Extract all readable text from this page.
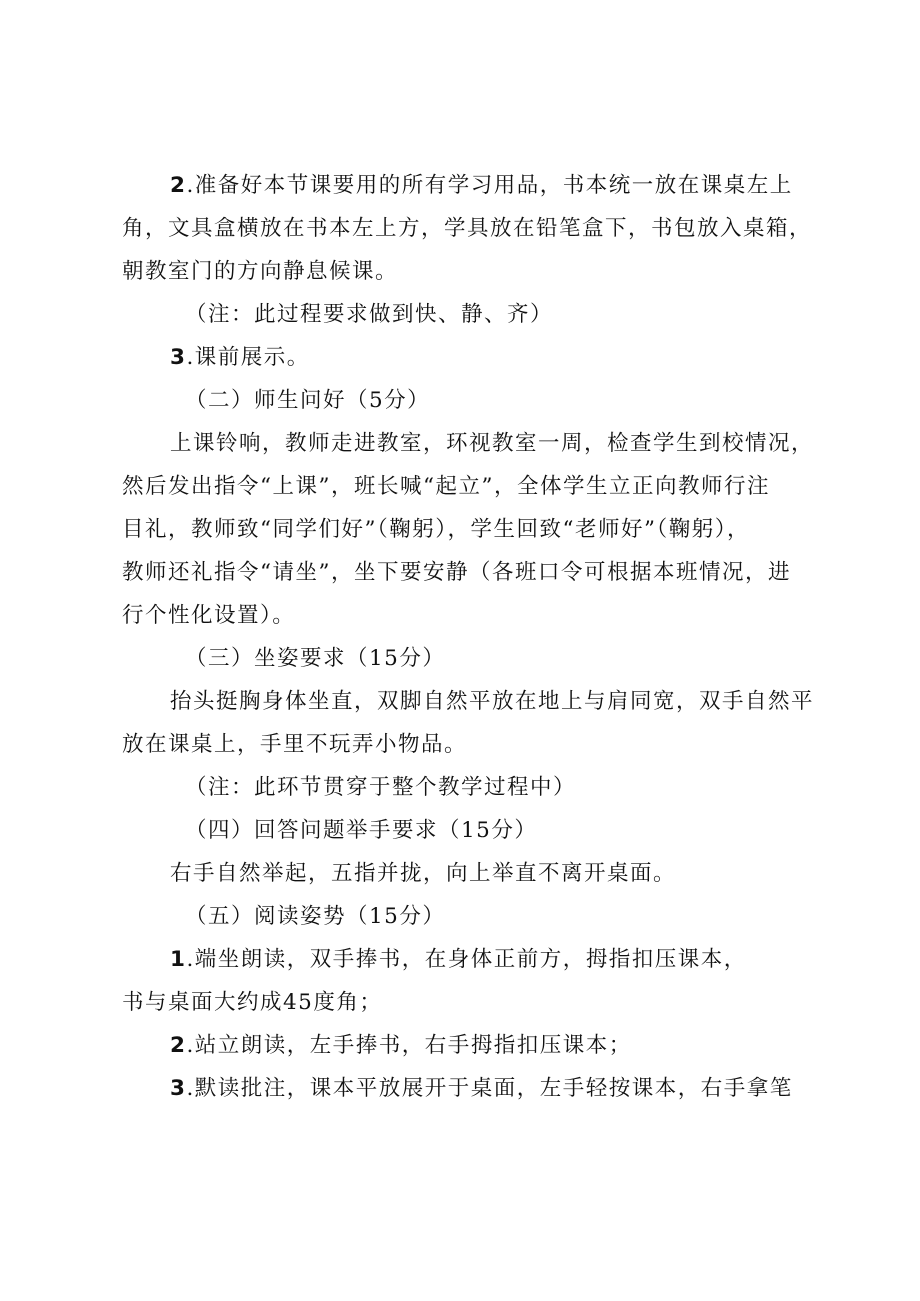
2.准备好本节课要用的所有学习用品，书本统一放在课桌左上
角，文具盒横放在书本左上方，学具放在铅笔盒下，书包放入桌箱，
朝教室门的方向静息候课。
（注：此过程要求做到快、静、齐）
3.课前展示。
（二）师生问好（5分）
上课铃响，教师走进教室，环视教室一周，检查学生到校情况，
然后发出指令“上课”，班长喊“起立”，全体学生立正向教师行注
目礼，教师致“同学们好”（鞠躬），学生回致“老师好”（鞠躬），
教师还礼指令“请坐”，坐下要安静（各班口令可根据本班情况，进
行个性化设置）。
（三）坐姿要求（15分）
抬头挺胸身体坐直，双脚自然平放在地上与肩同宽，双手自然平
放在课桌上，手里不玩弄小物品。
（注：此环节贯穿于整个教学过程中）
（四）回答问题举手要求（15分）
右手自然举起，五指并拢，向上举直不离开桌面。
（五）阅读姿势（15分）
1.端坐朗读，双手捧书，在身体正前方，拇指扣压课本，
书与桌面大约成45度角；
2.站立朗读，左手捧书，右手拇指扣压课本；
3.默读批注，课本平放展开于桌面，左手轻按课本，右手拿笔
